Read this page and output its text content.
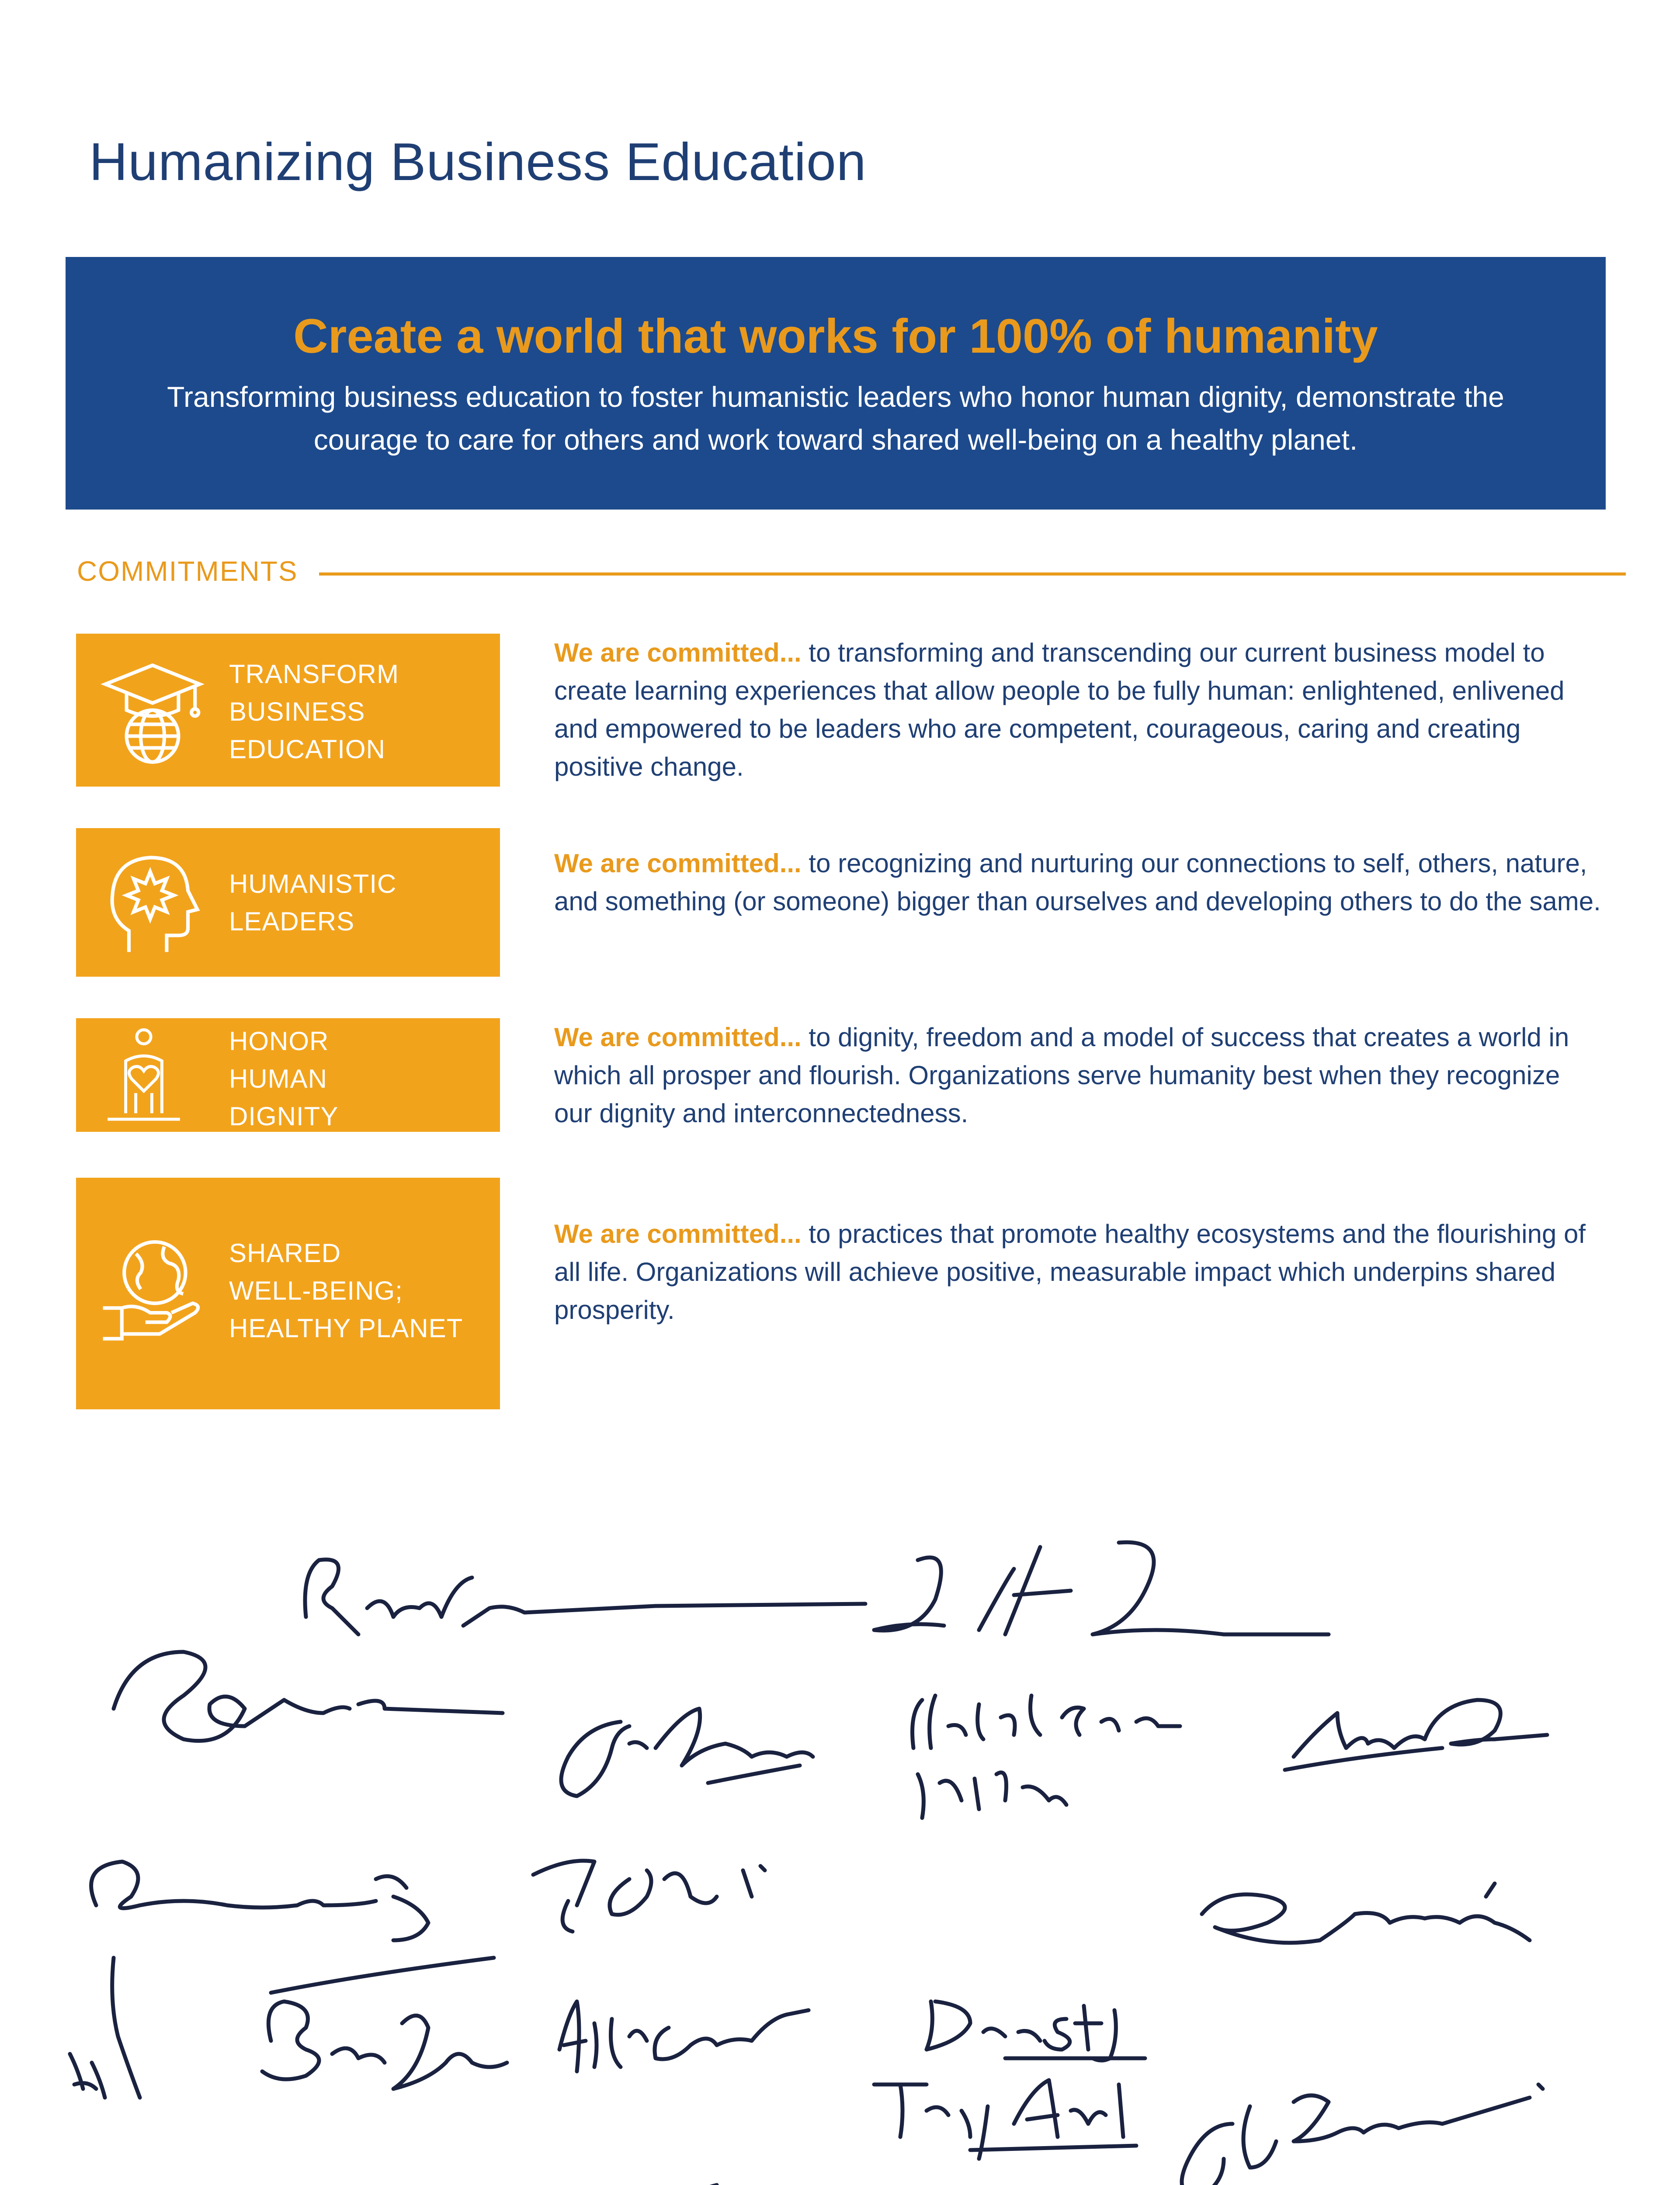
Humanizing Business Education

Create a world that works for 100% of humanity

Transforming business education to foster humanistic leaders who honor human dignity, demonstrate the courage to care for others and work toward shared well-being on a healthy planet.

COMMITMENTS
TRANSFORM
BUSINESS
EDUCATION
HUMANISTIC
LEADERS
HONOR
HUMAN
DIGNITY
SHARED
WELL-BEING;
HEALTHY PLANET
We are committed... to transforming and transcending our current business model to create learning experiences that allow people to be fully human: enlightened, enlivened and empowered to be leaders who are competent, courageous, caring and creating positive change.
We are committed... to recognizing and nurturing our connections to self, others, nature, and something (or someone) bigger than ourselves and developing others to do the same.
We are committed... to dignity, freedom and a model of success that creates a world in which all prosper and flourish. Organizations serve humanity best when they recognize our dignity and interconnectedness.
We are committed... to practices that promote healthy ecosystems and the flourishing of all life. Organizations will achieve positive, measurable impact which underpins shared prosperity.
